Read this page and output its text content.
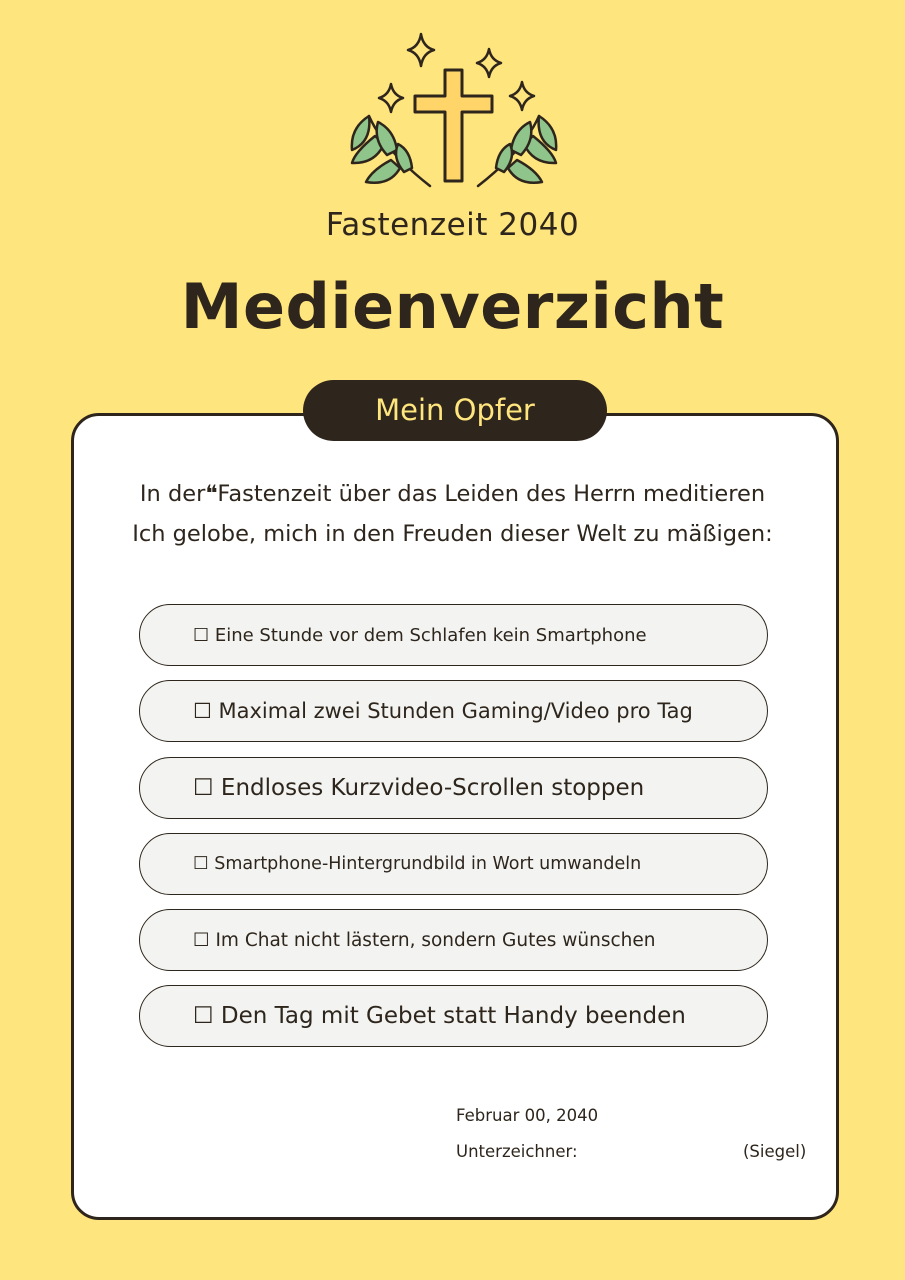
Fastenzeit 2040
Medienverzicht
Mein Opfer
In der❝Fastenzeit über das Leiden des Herrn meditieren
Ich gelobe, mich in den Freuden dieser Welt zu mäßigen:
☐ Eine Stunde vor dem Schlafen kein Smartphone
☐ Maximal zwei Stunden Gaming/Video pro Tag
☐ Endloses Kurzvideo-Scrollen stoppen
☐ Smartphone-Hintergrundbild in Wort umwandeln
☐ Im Chat nicht lästern, sondern Gutes wünschen
☐ Den Tag mit Gebet statt Handy beenden
Februar 00, 2040
Unterzeichner:	(Siegel)
